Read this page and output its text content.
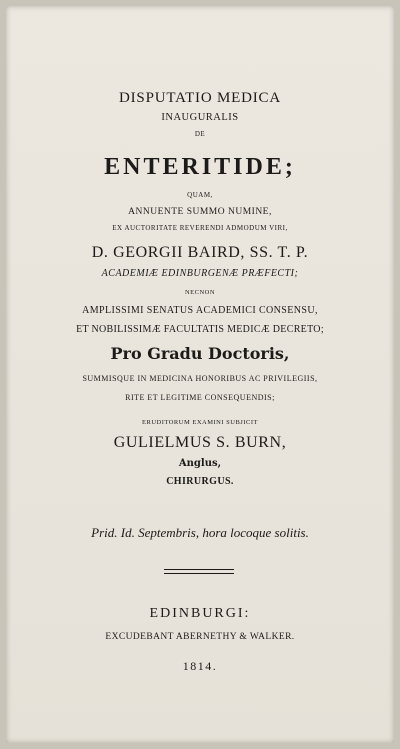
DISPUTATIO MEDICA
INAUGURALIS
DE
ENTERITIDE;
QUAM,
ANNUENTE SUMMO NUMINE,
EX AUCTORITATE REVERENDI ADMODUM VIRI,
D. GEORGII BAIRD, SS. T. P.
ACADEMIÆ EDINBURGENÆ PRÆFECTI;
NECNON
AMPLISSIMI SENATUS ACADEMICI CONSENSU,
ET NOBILISSIMÆ FACULTATIS MEDICÆ DECRETO;
Pro Gradu Doctoris,
SUMMISQUE IN MEDICINA HONORIBUS AC PRIVILEGIIS,
RITE ET LEGITIME CONSEQUENDIS;
ERUDITORUM EXAMINI SUBJICIT
GULIELMUS S. BURN,
Anglus,
CHIRURGUS.
Prid. Id. Septembris, hora locoque solitis.
EDINBURGI:
EXCUDEBANT ABERNETHY & WALKER.
1814.
